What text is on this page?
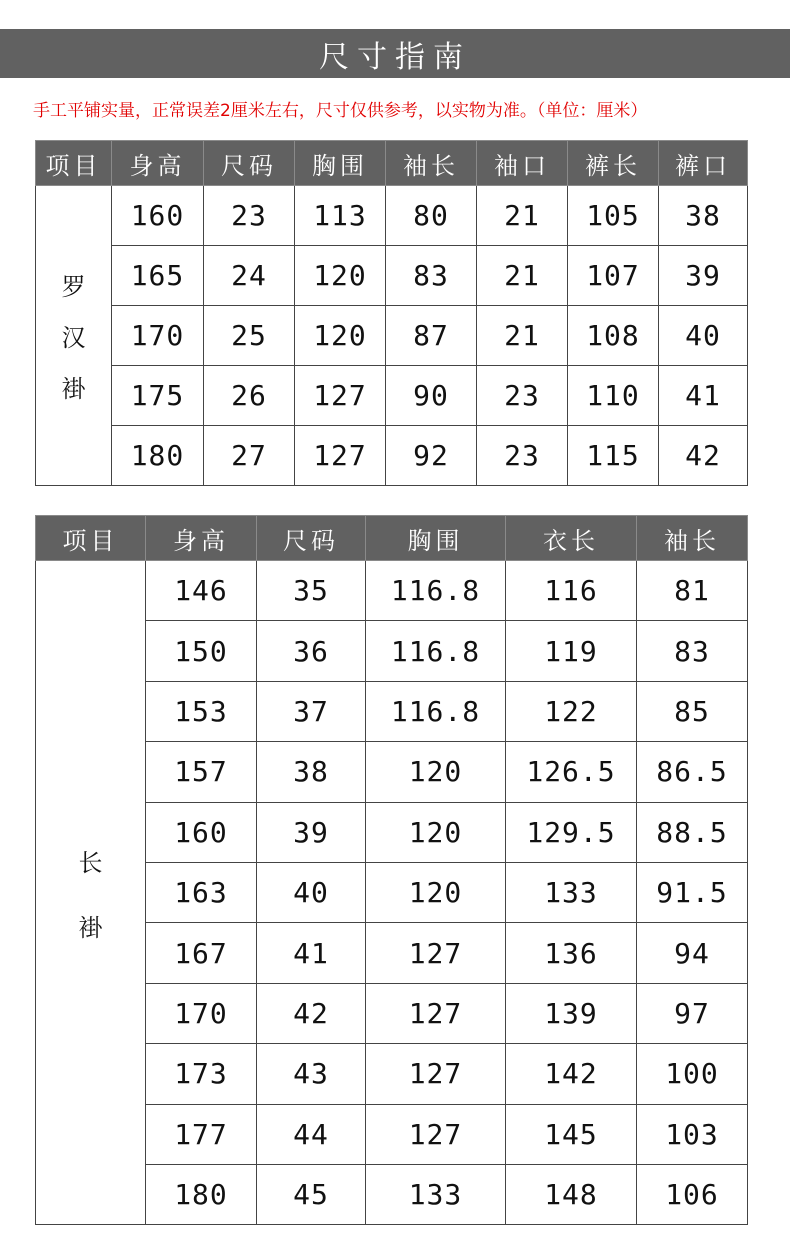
尺寸指南
手工平铺实量，正常误差2厘米左右，尺寸仅供参考，以实物为准。（单位：厘米）
项目	身高	尺码	胸围	袖长	袖口	裤长	裤口

罗
汉
褂	160	23	113	80	21	105	38
	165	24	120	83	21	107	39
	170	25	120	87	21	108	40
	175	26	127	90	23	110	41
	180	27	127	92	23	115	42
项目	身高	尺码	胸围	衣长	袖长

长
褂	146	35	116.8	116	81
	150	36	116.8	119	83
	153	37	116.8	122	85
	157	38	120	126.5	86.5
	160	39	120	129.5	88.5
	163	40	120	133	91.5
	167	41	127	136	94
	170	42	127	139	97
	173	43	127	142	100
	177	44	127	145	103
	180	45	133	148	106
